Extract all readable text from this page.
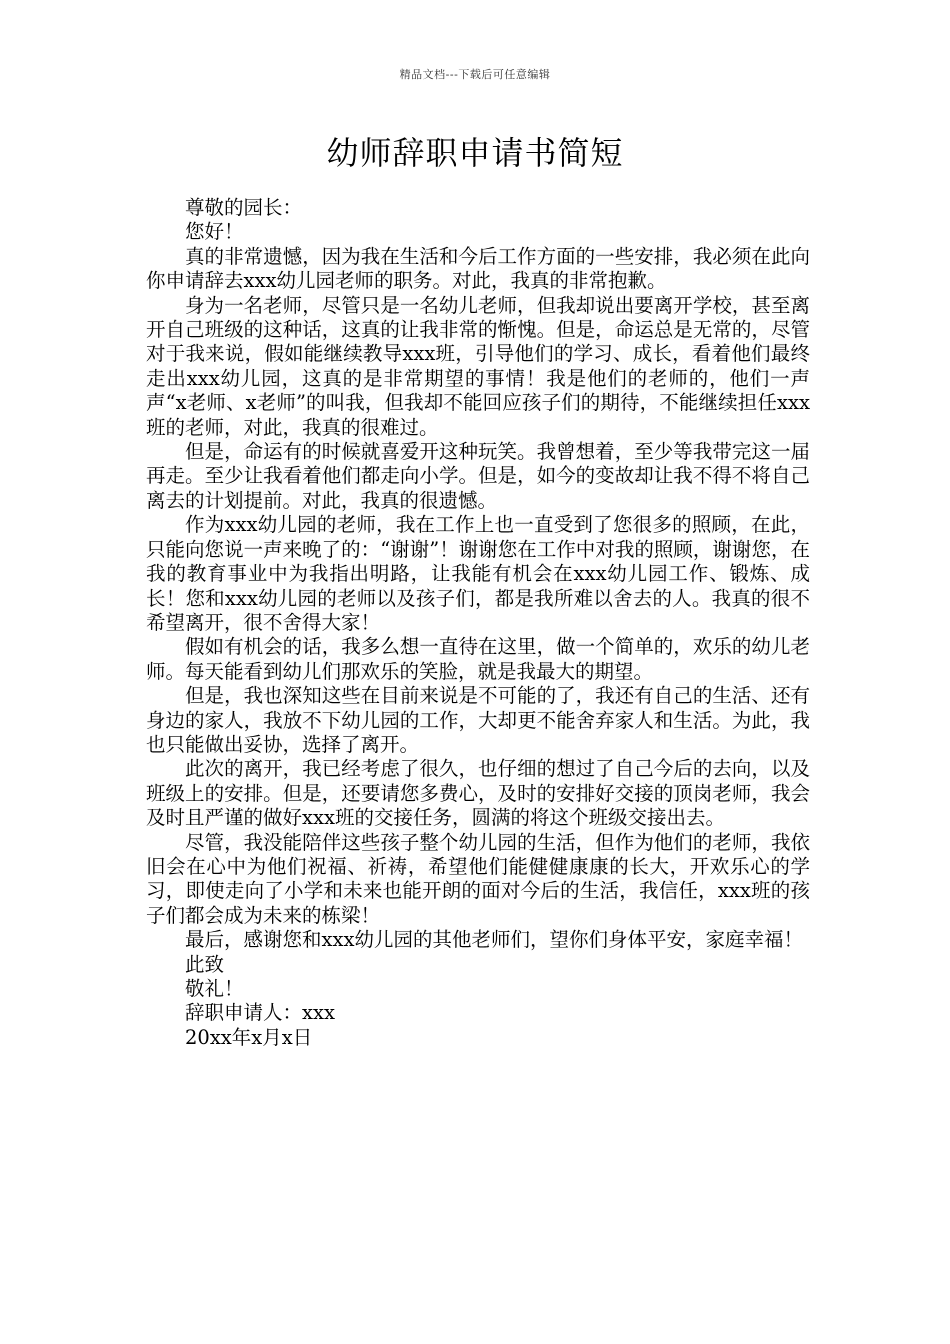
精品文档---下载后可任意编辑
幼师辞职申请书简短

尊敬的园长：

您好！

真的非常遗憾，因为我在生活和今后工作方面的一些安排，我必须在此向你申请辞去xxx幼儿园老师的职务。对此，我真的非常抱歉。

身为一名老师，尽管只是一名幼儿老师，但我却说出要离开学校，甚至离开自己班级的这种话，这真的让我非常的惭愧。但是，命运总是无常的，尽管对于我来说，假如能继续教导xxx班，引导他们的学习、成长，看着他们最终走出xxx幼儿园，这真的是非常期望的事情！我是他们的老师的，他们一声声“x老师、x老师”的叫我，但我却不能回应孩子们的期待，不能继续担任xxx班的老师，对此，我真的很难过。

但是，命运有的时候就喜爱开这种玩笑。我曾想着，至少等我带完这一届再走。至少让我看着他们都走向小学。但是，如今的变故却让我不得不将自己离去的计划提前。对此，我真的很遗憾。

作为xxx幼儿园的老师，我在工作上也一直受到了您很多的照顾，在此，只能向您说一声来晚了的：“谢谢”！谢谢您在工作中对我的照顾，谢谢您，在我的教育事业中为我指出明路，让我能有机会在xxx幼儿园工作、锻炼、成长！您和xxx幼儿园的老师以及孩子们，都是我所难以舍去的人。我真的很不希望离开，很不舍得大家！

假如有机会的话，我多么想一直待在这里，做一个简单的，欢乐的幼儿老师。每天能看到幼儿们那欢乐的笑脸，就是我最大的期望。

但是，我也深知这些在目前来说是不可能的了，我还有自己的生活、还有身边的家人，我放不下幼儿园的工作，大却更不能舍弃家人和生活。为此，我也只能做出妥协，选择了离开。

此次的离开，我已经考虑了很久，也仔细的想过了自己今后的去向，以及班级上的安排。但是，还要请您多费心，及时的安排好交接的顶岗老师，我会及时且严谨的做好xxx班的交接任务，圆满的将这个班级交接出去。

尽管，我没能陪伴这些孩子整个幼儿园的生活，但作为他们的老师，我依旧会在心中为他们祝福、祈祷，希望他们能健健康康的长大，开欢乐心的学习，即使走向了小学和未来也能开朗的面对今后的生活，我信任，xxx班的孩子们都会成为未来的栋梁！

最后，感谢您和xxx幼儿园的其他老师们，望你们身体平安，家庭幸福！

此致

敬礼！

辞职申请人：xxx

20xx年x月x日
